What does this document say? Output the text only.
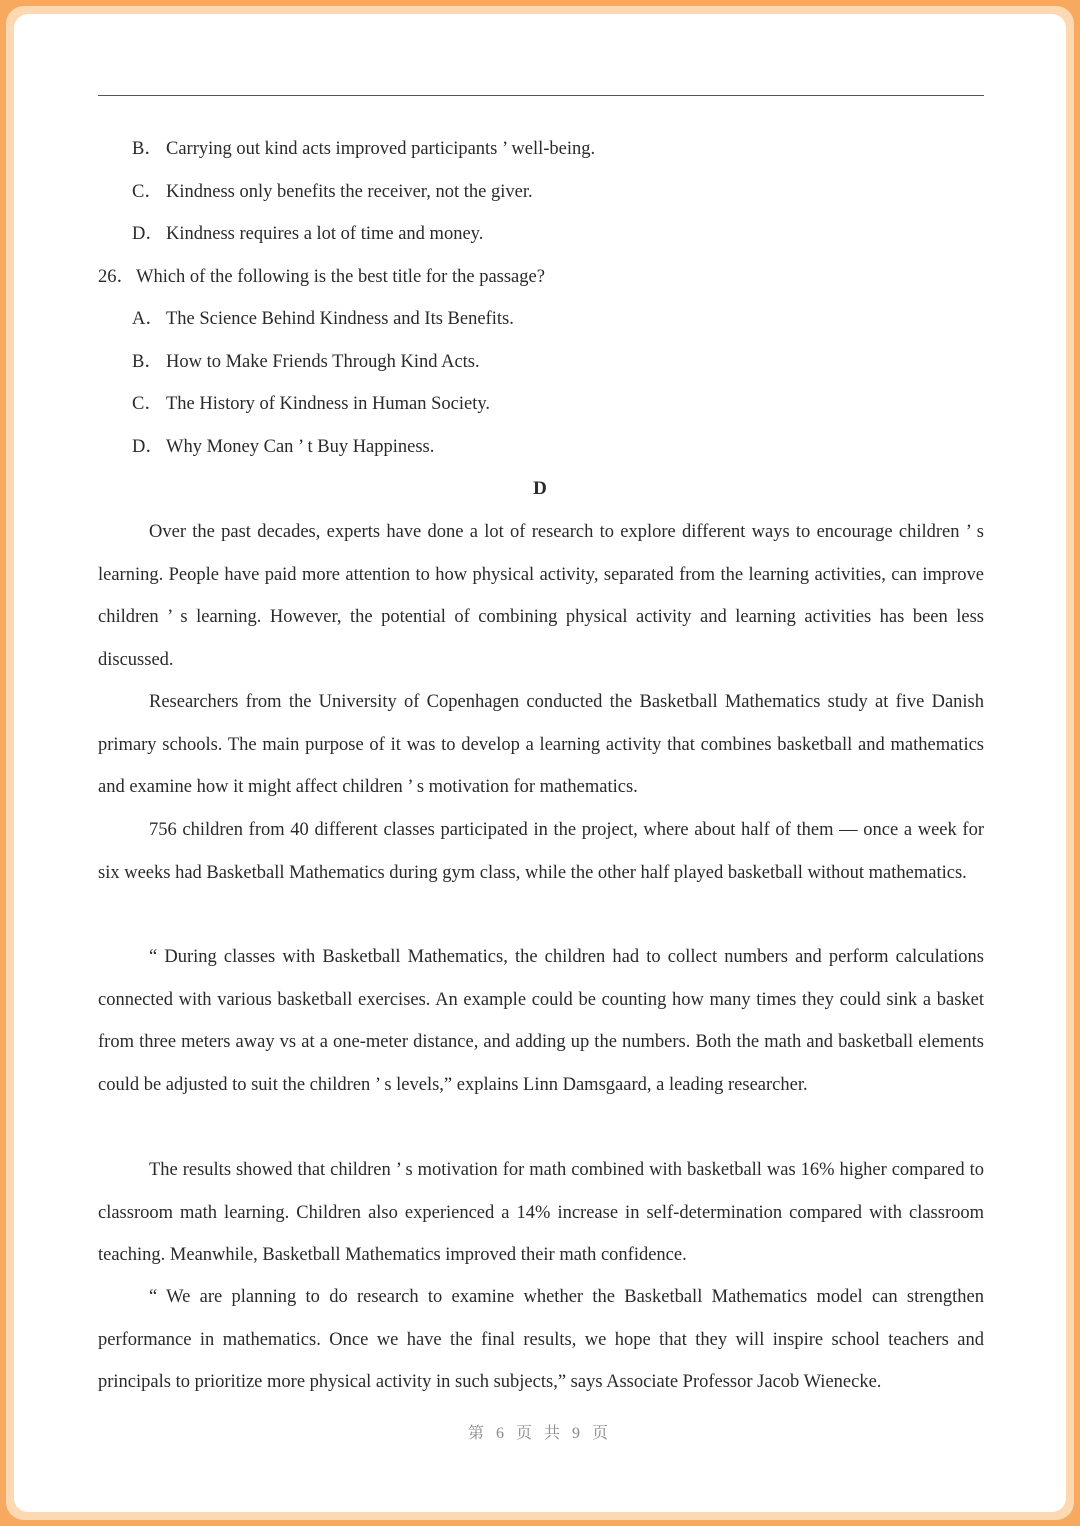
B． Carrying out kind acts improved participants ’ well-being.
C． Kindness only benefits the receiver, not the giver.
D． Kindness requires a lot of time and money.
26．Which of the following is the best title for the passage?
A． The Science Behind Kindness and Its Benefits.
B． How to Make Friends Through Kind Acts.
C． The History of Kindness in Human Society.
D． Why Money Can ’ t Buy Happiness.
D

Over the past decades, experts have done a lot of research to explore different ways to encourage children ’ s learning. People have paid more attention to how physical activity, separated from the learning activities, can improve children ’ s learning. However, the potential of combining physical activity and learning activities has been less discussed.

Researchers from the University of Copenhagen conducted the Basketball Mathematics study at five Danish primary schools. The main purpose of it was to develop a learning activity that combines basketball and mathematics and examine how it might affect children ’ s motivation for mathematics.

756 children from 40 different classes participated in the project, where about half of them — once a week for six weeks had Basketball Mathematics during gym class, while the other half played basketball without mathematics.

“ During classes with Basketball Mathematics, the children had to collect numbers and perform calculations connected with various basketball exercises. An example could be counting how many times they could sink a basket from three meters away vs at a one-meter distance, and adding up the numbers. Both the math and basketball elements could be adjusted to suit the children ’ s levels,” explains Linn Damsgaard, a leading researcher.

The results showed that children ’ s motivation for math combined with basketball was 16% higher compared to classroom math learning. Children also experienced a 14% increase in self-determination compared with classroom teaching. Meanwhile, Basketball Mathematics improved their math confidence.

“ We are planning to do research to examine whether the Basketball Mathematics model can strengthen performance in mathematics. Once we have the final results, we hope that they will inspire school teachers and principals to prioritize more physical activity in such subjects,” says Associate Professor Jacob Wienecke.

第 6 页 共 9 页
